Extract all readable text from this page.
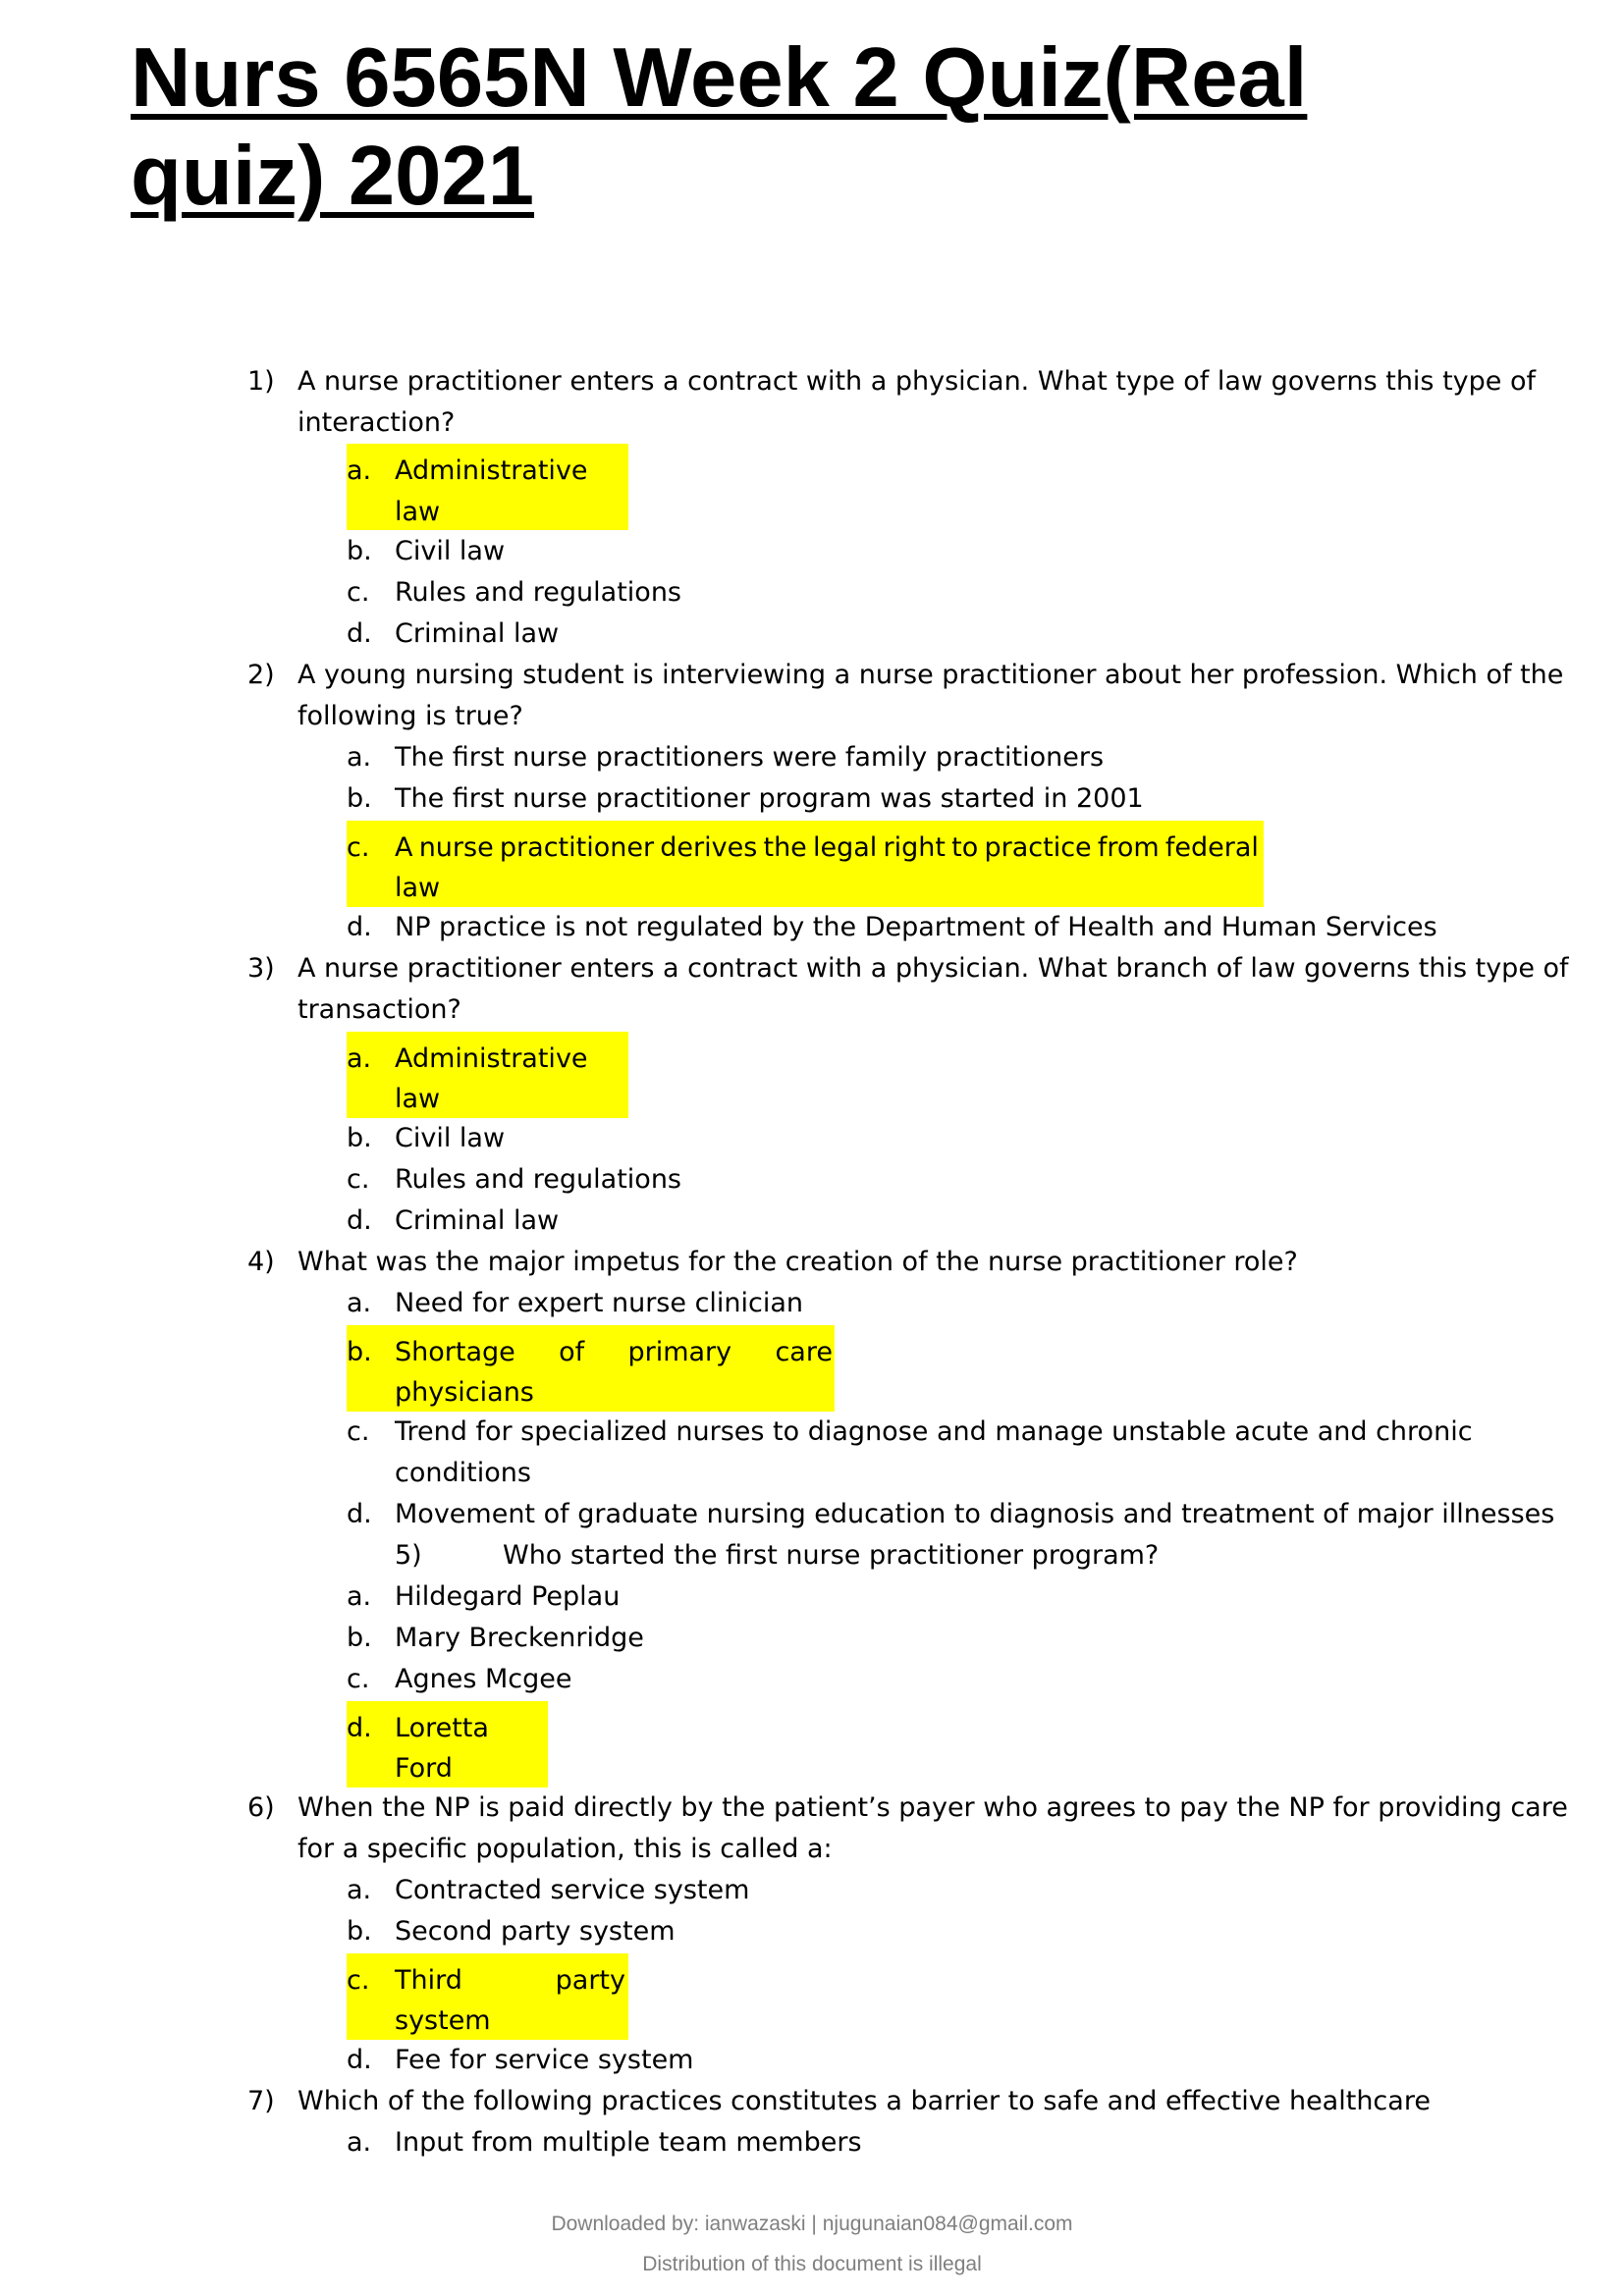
Nurs 6565N Week 2 Quiz(Real
quiz) 2021
1) A nurse practitioner enters a contract with a physician. What type of law governs this type of
interaction?
a. Administrative
law
b. Civil law
c. Rules and regulations
d. Criminal law
2) A young nursing student is interviewing a nurse practitioner about her profession. Which of the
following is true?
a. The first nurse practitioners were family practitioners
b. The first nurse practitioner program was started in 2001
c. A nurse practitioner derives the legal right to practice from federal
law
d. NP practice is not regulated by the Department of Health and Human Services
3) A nurse practitioner enters a contract with a physician. What branch of law governs this type of
transaction?
a. Administrative
law
b. Civil law
c. Rules and regulations
d. Criminal law
4) What was the major impetus for the creation of the nurse practitioner role?
a. Need for expert nurse clinician
b. Shortage of primary care
physicians
c. Trend for specialized nurses to diagnose and manage unstable acute and chronic
conditions
d. Movement of graduate nursing education to diagnosis and treatment of major illnesses
5)	Who started the first nurse practitioner program?
a. Hildegard Peplau
b. Mary Breckenridge
c. Agnes Mcgee
d. Loretta
Ford
6) When the NP is paid directly by the patient’s payer who agrees to pay the NP for providing care
for a specific population, this is called a:
a. Contracted service system
b. Second party system
c. Third	party
system
d. Fee for service system
7) Which of the following practices constitutes a barrier to safe and effective healthcare
a. Input from multiple team members
Downloaded by: ianwazaski | njugunaian084@gmail.com
Distribution of this document is illegal
